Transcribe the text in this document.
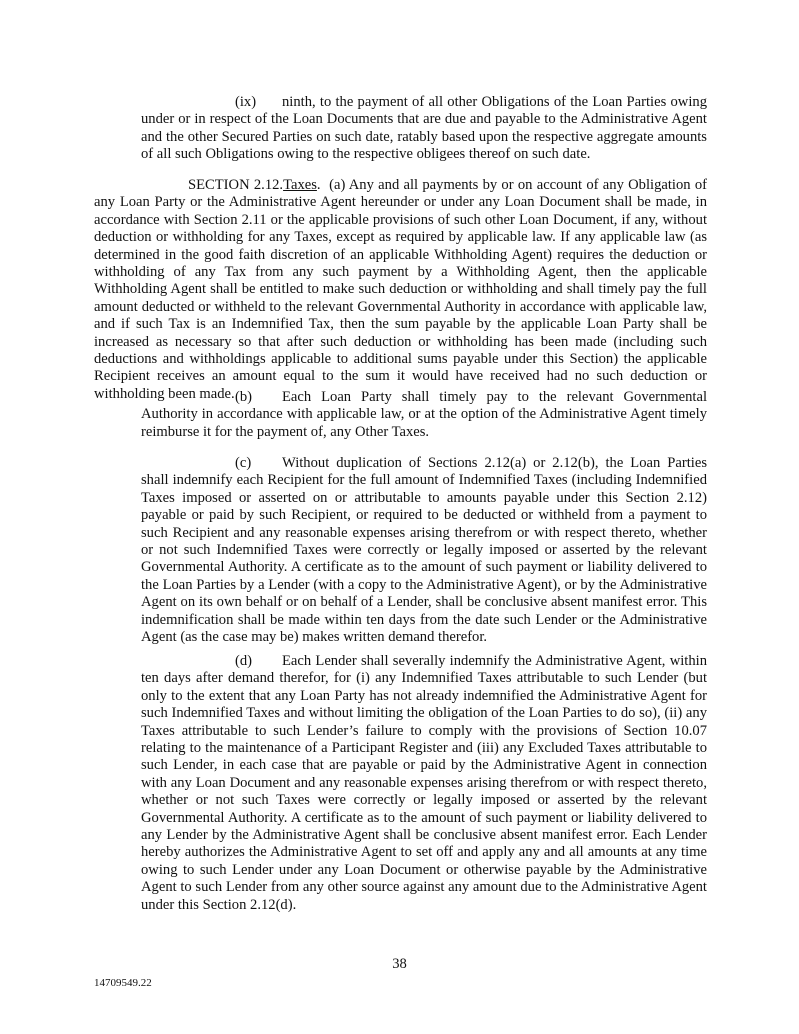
(ix) ninth, to the payment of all other Obligations of the Loan Parties owing under or in respect of the Loan Documents that are due and payable to the Administrative Agent and the other Secured Parties on such date, ratably based upon the respective aggregate amounts of all such Obligations owing to the respective obligees thereof on such date.

SECTION 2.12.Taxes. (a) Any and all payments by or on account of any Obligation of any Loan Party or the Administrative Agent hereunder or under any Loan Document shall be made, in accordance with Section 2.11 or the applicable provisions of such other Loan Document, if any, without deduction or withholding for any Taxes, except as required by applicable law. If any applicable law (as determined in the good faith discretion of an applicable Withholding Agent) requires the deduction or withholding of any Tax from any such payment by a Withholding Agent, then the applicable Withholding Agent shall be entitled to make such deduction or withholding and shall timely pay the full amount deducted or withheld to the relevant Governmental Authority in accordance with applicable law, and if such Tax is an Indemnified Tax, then the sum payable by the applicable Loan Party shall be increased as necessary so that after such deduction or withholding has been made (including such deductions and withholdings applicable to additional sums payable under this Section) the applicable Recipient receives an amount equal to the sum it would have received had no such deduction or withholding been made. (b) Each Loan Party shall timely pay to the relevant Governmental Authority in accordance with applicable law, or at the option of the Administrative Agent timely reimburse it for the payment of, any Other Taxes.

(c) Without duplication of Sections 2.12(a) or 2.12(b), the Loan Parties shall indemnify each Recipient for the full amount of Indemnified Taxes (including Indemnified Taxes imposed or asserted on or attributable to amounts payable under this Section 2.12) payable or paid by such Recipient, or required to be deducted or withheld from a payment to such Recipient and any reasonable expenses arising therefrom or with respect thereto, whether or not such Indemnified Taxes were correctly or legally imposed or asserted by the relevant Governmental Authority. A certificate as to the amount of such payment or liability delivered to the Loan Parties by a Lender (with a copy to the Administrative Agent), or by the Administrative Agent on its own behalf or on behalf of a Lender, shall be conclusive absent manifest error. This indemnification shall be made within ten days from the date such Lender or the Administrative Agent (as the case may be) makes written demand therefor.

(d) Each Lender shall severally indemnify the Administrative Agent, within ten days after demand therefor, for (i) any Indemnified Taxes attributable to such Lender (but only to the extent that any Loan Party has not already indemnified the Administrative Agent for such Indemnified Taxes and without limiting the obligation of the Loan Parties to do so), (ii) any Taxes attributable to such Lender’s failure to comply with the provisions of Section 10.07 relating to the maintenance of a Participant Register and (iii) any Excluded Taxes attributable to such Lender, in each case that are payable or paid by the Administrative Agent in connection with any Loan Document and any reasonable expenses arising therefrom or with respect thereto, whether or not such Taxes were correctly or legally imposed or asserted by the relevant Governmental Authority. A certificate as to the amount of such payment or liability delivered to any Lender by the Administrative Agent shall be conclusive absent manifest error. Each Lender hereby authorizes the Administrative Agent to set off and apply any and all amounts at any time owing to such Lender under any Loan Document or otherwise payable by the Administrative Agent to such Lender from any other source against any amount due to the Administrative Agent under this Section 2.12(d).

38
14709549.22
